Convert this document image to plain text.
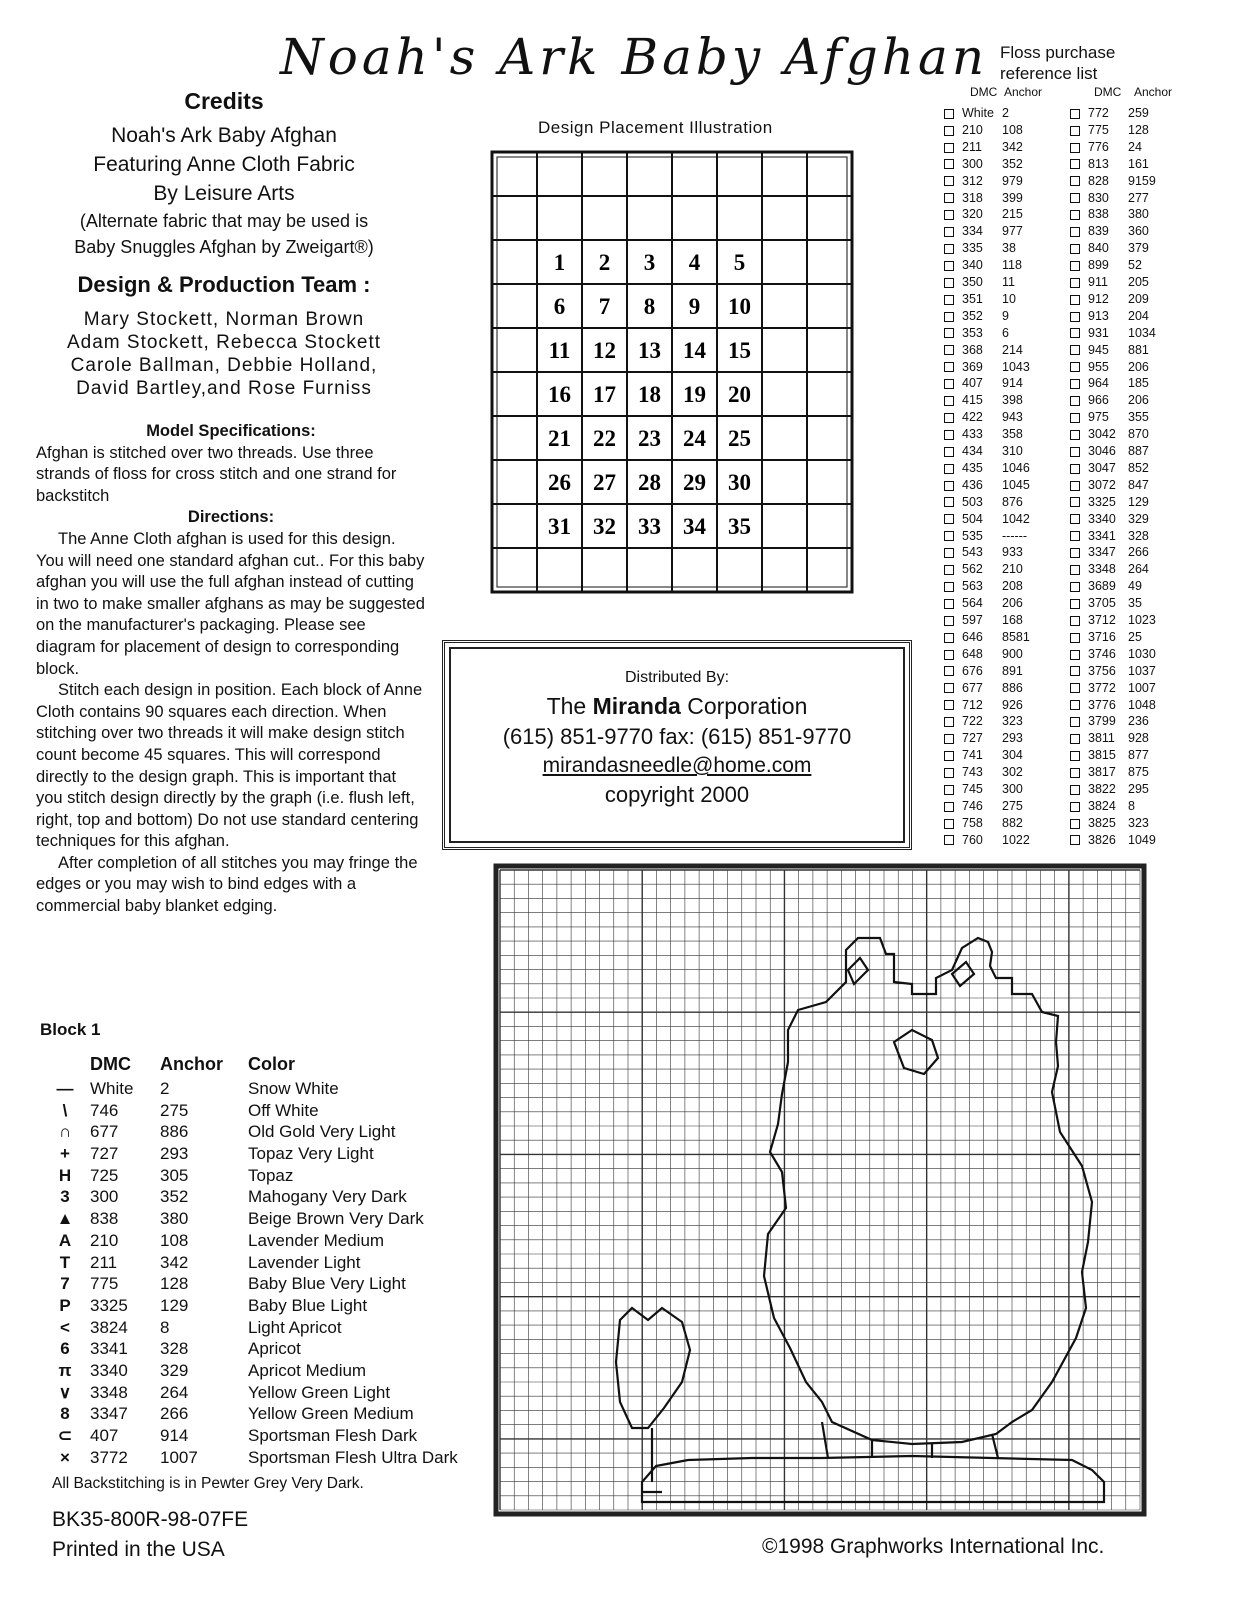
Noah's Ark Baby Afghan
Credits
Noah's Ark Baby Afghan
Featuring Anne Cloth Fabric
By Leisure Arts
(Alternate fabric that may be used is
Baby Snuggles Afghan by Zweigart®)
Design & Production Team :
Mary Stockett, Norman Brown
Adam Stockett, Rebecca Stockett
Carole Ballman, Debbie Holland,
David Bartley,and Rose Furniss
Model Specifications:

Afghan is stitched over two threads. Use three strands of floss for cross stitch and one strand for backstitch

Directions:

The Anne Cloth afghan is used for this design. You will need one standard afghan cut.. For this baby afghan you will use the full afghan instead of cutting in two to make smaller afghans as may be suggested on the manufacturer's packaging. Please see diagram for placement of design to corresponding block.

Stitch each design in position. Each block of Anne Cloth contains 90 squares each direction. When stitching over two threads it will make design stitch count become 45 squares. This will correspond directly to the design graph. This is important that you stitch design directly by the graph (i.e. flush left, right, top and bottom) Do not use standard centering techniques for this afghan.

After completion of all stitches you may fringe the edges or you may wish to bind edges with a commercial baby blanket edging.

Design Placement Illustration
1 2 3 4 5
6 7 8 9 10
11 12 13 14 15
16 17 18 19 20
21 22 23 24 25
26 27 28 29 30
31 32 33 34 35
Distributed By:
The Miranda Corporation
(615) 851-9770 fax: (615) 851-9770
mirandasneedle@home.com
copyright 2000
Floss purchase
reference list
DMC Anchor	DMC Anchor
White 2
210 108
211 342
300 352
312 979
318 399
320 215
334 977
335 38
340 118
350 11
351 10
352 9
353 6
368 214
369 1043
407 914
415 398
422 943
433 358
434 310
435 1046
436 1045
503 876
504 1042
535 ------
543 933
562 210
563 208
564 206
597 168
646 8581
648 900
676 891
677 886
712 926
722 323
727 293
741 304
743 302
745 300
746 275
758 882
760 1022
772 259
775 128
776 24
813 161
828 9159
830 277
838 380
839 360
840 379
899 52
911 205
912 209
913 204
931 1034
945 881
955 206
964 185
966 206
975 355
3042 870
3046 887
3047 852
3072 847
3325 129
3340 329
3341 328
3347 266
3348 264
3689 49
3705 35
3712 1023
3716 25
3746 1030
3756 1037
3772 1007
3776 1048
3799 236
3811 928
3815 877
3817 875
3822 295
3824 8
3825 323
3826 1049
Block 1
DMC Anchor Color
— White 2	Snow White
\ 746 275	Off White
∩ 677 886	Old Gold Very Light
+ 727 293	Topaz Very Light
H 725 305	Topaz
3 300 352	Mahogany Very Dark
▲ 838 380	Beige Brown Very Dark
A 210 108	Lavender Medium
T 211	342	Lavender Light
7 775 128	Baby Blue Very Light
P 3325 129	Baby Blue Light
< 3824 8	Light Apricot
6 3341 328	Apricot
π 3340 329	Apricot Medium
∨ 3348 264	Yellow Green Light
8 3347 266	Yellow Green Medium
⊂ 407 914	Sportsman Flesh Dark
× 3772 1007	Sportsman Flesh Ultra Dark
All Backstitching is in Pewter Grey Very Dark.
BK35-800R-98-07FE
Printed in the USA	©1998 Graphworks International Inc.
